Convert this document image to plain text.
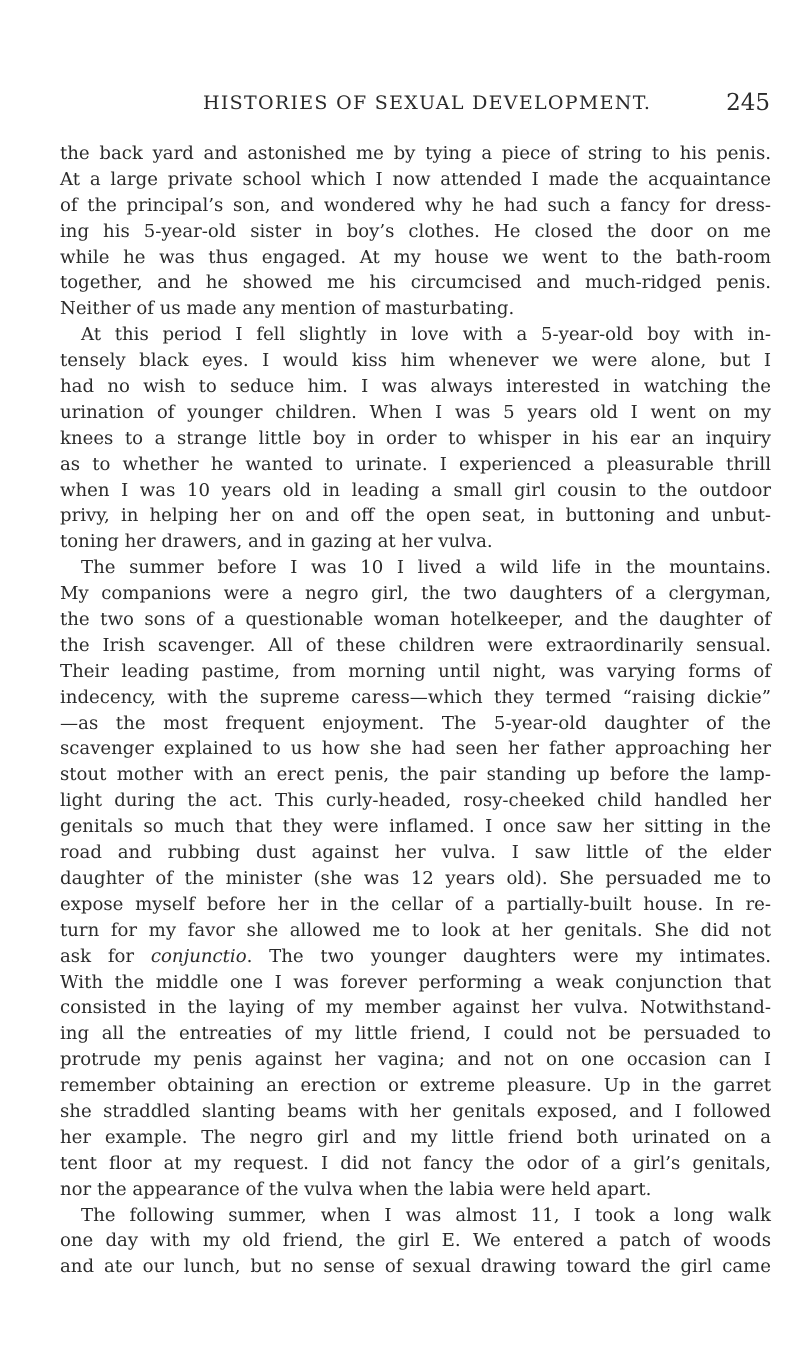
HISTORIES OF SEXUAL DEVELOPMENT.	245
the back yard and astonished me by tying a piece of string to his penis.
At a large private school which I now attended I made the acquaintance
of the principal’s son, and wondered why he had such a fancy for dress-
ing his 5-year-old sister in boy’s clothes. He closed the door on me
while he was thus engaged. At my house we went to the bath-room
together, and he showed me his circumcised and much-ridged penis.
Neither of us made any mention of masturbating.
At this period I fell slightly in love with a 5-year-old boy with in-
tensely black eyes. I would kiss him whenever we were alone, but I
had no wish to seduce him. I was always interested in watching the
urination of younger children. When I was 5 years old I went on my
knees to a strange little boy in order to whisper in his ear an inquiry
as to whether he wanted to urinate. I experienced a pleasurable thrill
when I was 10 years old in leading a small girl cousin to the outdoor
privy, in helping her on and off the open seat, in buttoning and unbut-
toning her drawers, and in gazing at her vulva.
The summer before I was 10 I lived a wild life in the mountains.
My companions were a negro girl, the two daughters of a clergyman,
the two sons of a questionable woman hotelkeeper, and the daughter of
the Irish scavenger. All of these children were extraordinarily sensual.
Their leading pastime, from morning until night, was varying forms of
indecency, with the supreme caress—which they termed “raising dickie”
—as the most frequent enjoyment. The 5-year-old daughter of the
scavenger explained to us how she had seen her father approaching her
stout mother with an erect penis, the pair standing up before the lamp-
light during the act. This curly-headed, rosy-cheeked child handled her
genitals so much that they were inflamed. I once saw her sitting in the
road and rubbing dust against her vulva. I saw little of the elder
daughter of the minister (she was 12 years old). She persuaded me to
expose myself before her in the cellar of a partially-built house. In re-
turn for my favor she allowed me to look at her genitals. She did not
ask for conjunctio. The two younger daughters were my intimates.
With the middle one I was forever performing a weak conjunction that
consisted in the laying of my member against her vulva. Notwithstand-
ing all the entreaties of my little friend, I could not be persuaded to
protrude my penis against her vagina; and not on one occasion can I
remember obtaining an erection or extreme pleasure. Up in the garret
she straddled slanting beams with her genitals exposed, and I followed
her example. The negro girl and my little friend both urinated on a
tent floor at my request. I did not fancy the odor of a girl’s genitals,
nor the appearance of the vulva when the labia were held apart.
The following summer, when I was almost 11, I took a long walk
one day with my old friend, the girl E. We entered a patch of woods
and ate our lunch, but no sense of sexual drawing toward the girl came
